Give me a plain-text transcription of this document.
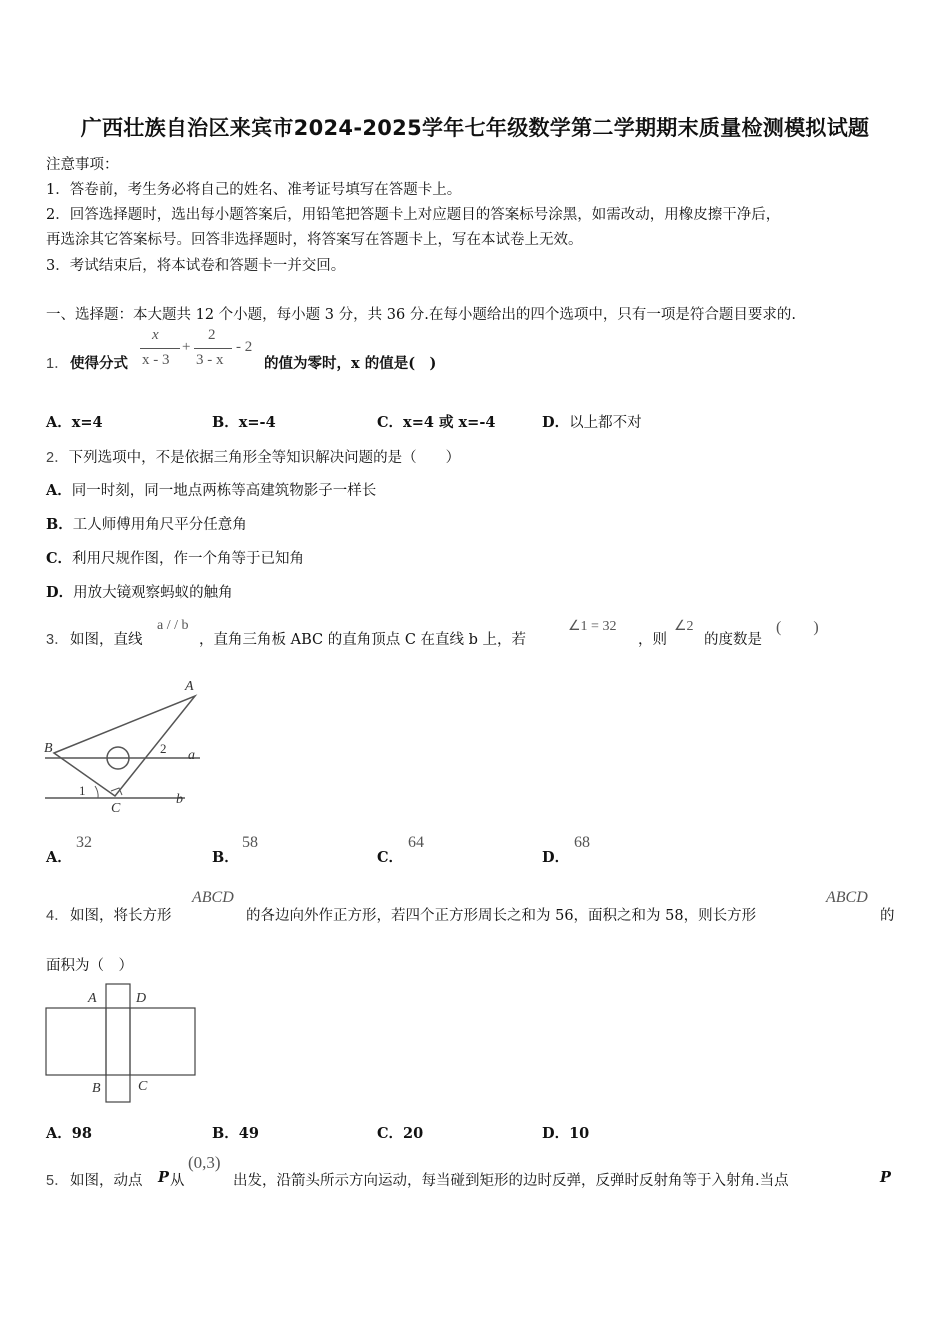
广西壮族自治区来宾市2024-2025学年七年级数学第二学期期末质量检测模拟试题
注意事项：
1．答卷前，考生务必将自己的姓名、准考证号填写在答题卡上。
2．回答选择题时，选出每小题答案后，用铅笔把答题卡上对应题目的答案标号涂黑，如需改动，用橡皮擦干净后，
再选涂其它答案标号。回答非选择题时，将答案写在答题卡上，写在本试卷上无效。
3．考试结束后，将本试卷和答题卡一并交回。
一、选择题：本大题共 12 个小题，每小题 3 分，共 36 分.在每小题给出的四个选项中，只有一项是符合题目要求的.
1． 使得分式
x
x - 3
+
2
3 - x
- 2
的值为零时，x 的值是(　)
A．x=4	B．x=-4	C．x=4 或 x=-4	D．以上都不对
2．下列选项中，不是依据三角形全等知识解决问题的是（　　）
A．同一时刻，同一地点两栋等高建筑物影子一样长
B．工人师傅用角尺平分任意角
C．利用尺规作图，作一个角等于已知角
D．用放大镜观察蚂蚁的触角
3． 如图，直线
a / / b
，直角三角板 ABC 的直角顶点 C 在直线 b 上，若
∠1 = 32
，则
∠2
的度数是
(　　)
A
B
C
a
b
1
2
A．
32
B．
58
C．
64
D．
68
4． 如图，将长方形
ABCD
的各边向外作正方形，若四个正方形周长之和为 56，面积之和为 58，则长方形
ABCD
的
面积为（　）
A	D
B	C
A．98	B．49	C．20	D．10
5． 如图，动点 P 从
(0,3)
出发，沿箭头所示方向运动，每当碰到矩形的边时反弹，反弹时反射角等于入射角.当点	P
